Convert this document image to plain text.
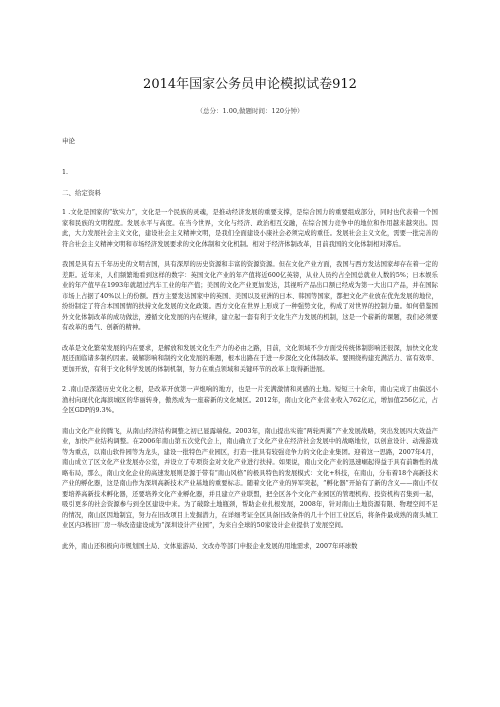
2014年国家公务员申论模拟试卷912
（总分：1.00,做题时间：120分钟）

申论

1.

二、给定资料

1 .文化是国家的“软实力”，文化是一个民族的灵魂，是推动经济发展的重要支撑，是综合国力的重要组成部分，同时也代表着一个国家和民族的文明程度。发展水平与高度。在当今世界，文化与经济、政治相互交融，在综合国力竞争中的地位和作用越来越突出。因此，大力发展社会主义文化，建设社会主义精神文明，是我们全面建设小康社会必须完成的重任。发展社会主义文化，需要一批完善的符合社会主义精神文明和市场经济发展要求的文化体制和文化机制。相对于经济体制改革，目前我国的文化体制相对滞后。

我国是具有五千年历史的文明古国，具有深厚的历史资源和丰富的资源资源。但在文化产业方面，我国与西方发达国家却存在着一定的差距。近年来，人们频繁地看到这样的数字：英国文化产业的年产值将近600亿英镑，从业人员约占全国总就业人数的5%；日本娱乐业的年产值早在1993年就超过汽车工业的年产值；美国的文化产业更加发达，其视听产品出口额已经成为第一大出口产品，并在国际市场上占据了40%以上的份额。西方主要发达国家中的英国、美国以及亚洲的日本、韩国等国家，都把文化产业放在优先发展的地位，纷纷制定了符合本国国情的扶持文化发展的文化政策。西方文化在世界上形成了一种强势文化，构成了对世界的控制力量。如何借鉴国外文化体制改革的成功做法，遵循文化发展的内在规律，建立起一套有利于文化生产力发展的机制，这是一个崭新的课题，我们必须要有改革的勇气、创新的精神。

改革是文化繁荣发展的内在要求，是解放和发展文化生产力的必由之路，目前，文化领域不少方面受传统体制影响还很深，加快文化发展还面临诸多制约因素。破解影响和制约文化发展的难题，根本出路在于进一步深化文化体制改革。要围绕构建充满活力、富有效率、更加开放，有利于文化科学发展的体制机制，努力在重点领域和关键环节的改革上取得新进展。

2 .南山是深港历史文化之根，是改革开放第一声炮响的地方，也是一片充满激情和灵感的土地。短短三十余年，南山完成了由偏远小渔村向现代化海滨城区的华丽转身，傲然成为一座崭新的文化城区。2012年，南山文化产业营业收入762亿元，增加值256亿元，占全区GDP的9.3%。

南山文化产业的腾飞，从南山经济结构调整之初已显露端倪。2003年，南山提出实施“两轮两翼”产业发展战略，突出发展四大效益产业，加快产业结构调整。在2006年南山第五次党代会上，南山确立了文化产业在经济社会发展中的战略地位，以创意设计、动漫游戏等为重点，以南山软件园等为龙头，建设一批特色产业园区，打造一批具有较强竞争力的文化企业集团。迎着这一思路，2007年4月，南山成立了区文化产业发展办公室，并设立了专项资金对文化产业进行扶持。如果说，南山文化产业的迅速崛起得益于具有前瞻性的战略布局，那么，南山文化企业的高速发展则是源于带有“南山风格”的极具特色的发展模式：文化+科技，在南山，分布着18个高新技术产业的孵化器，这是南山作为深圳高新技术产业基地的重要标志。随着文化产业的异军突起，“孵化器”开始有了新的含义——南山不仅要培养高新技术孵化器，还要培养文化产业孵化器，并且建立产业联盟，把全区各个文化产业园区的管理机构、投资机构召集到一起，吸引更多的社会资源参与到全区建设中来。为了破除土地瓶颈，帮助企业扎根发展，2008年，针对南山土地资源有限、物理空间不足的情况，南山区因地制宜，努力在旧改项目上发掘潜力，在详细考证全区具备旧改条件的几十个旧工业区后，将条件最成熟的南头城工业区内3栋旧厂房一举改造建设成为“深圳设计产业园”，为来自全球的50家设计企业提供了发展空间。

此外，南山还积极向市规划国土局、文体旅游局、文改办等部门申报企业发展的用地需求，2007年环球数
